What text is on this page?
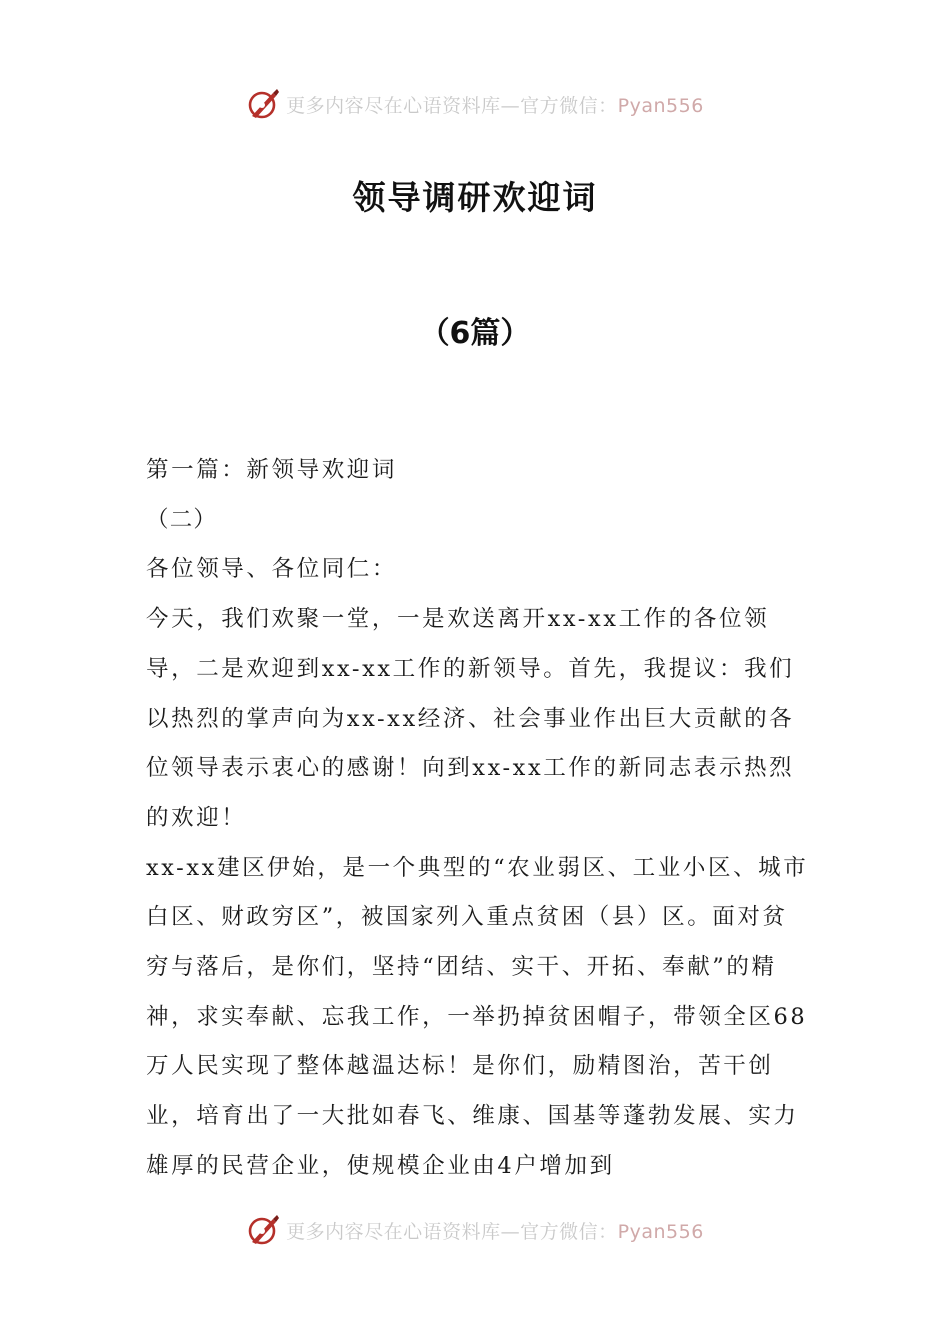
更多内容尽在心语资料库—官方微信：Pyan556
领导调研欢迎词
（6篇）

第一篇：新领导欢迎词

（二）

各位领导、各位同仁：

今天，我们欢聚一堂，一是欢送离开xx-xx工作的各位领导，二是欢迎到xx-xx工作的新领导。首先，我提议：我们以热烈的掌声向为xx-xx经济、社会事业作出巨大贡献的各位领导表示衷心的感谢！向到xx-xx工作的新同志表示热烈的欢迎！

xx-xx建区伊始，是一个典型的“农业弱区、工业小区、城市白区、财政穷区”，被国家列入重点贫困（县）区。面对贫穷与落后，是你们，坚持“团结、实干、开拓、奉献”的精神，求实奉献、忘我工作，一举扔掉贫困帽子，带领全区68万人民实现了整体越温达标！是你们，励精图治，苦干创业，培育出了一大批如春飞、维康、国基等蓬勃发展、实力雄厚的民营企业，使规模企业由4户增加到

更多内容尽在心语资料库—官方微信：Pyan556
